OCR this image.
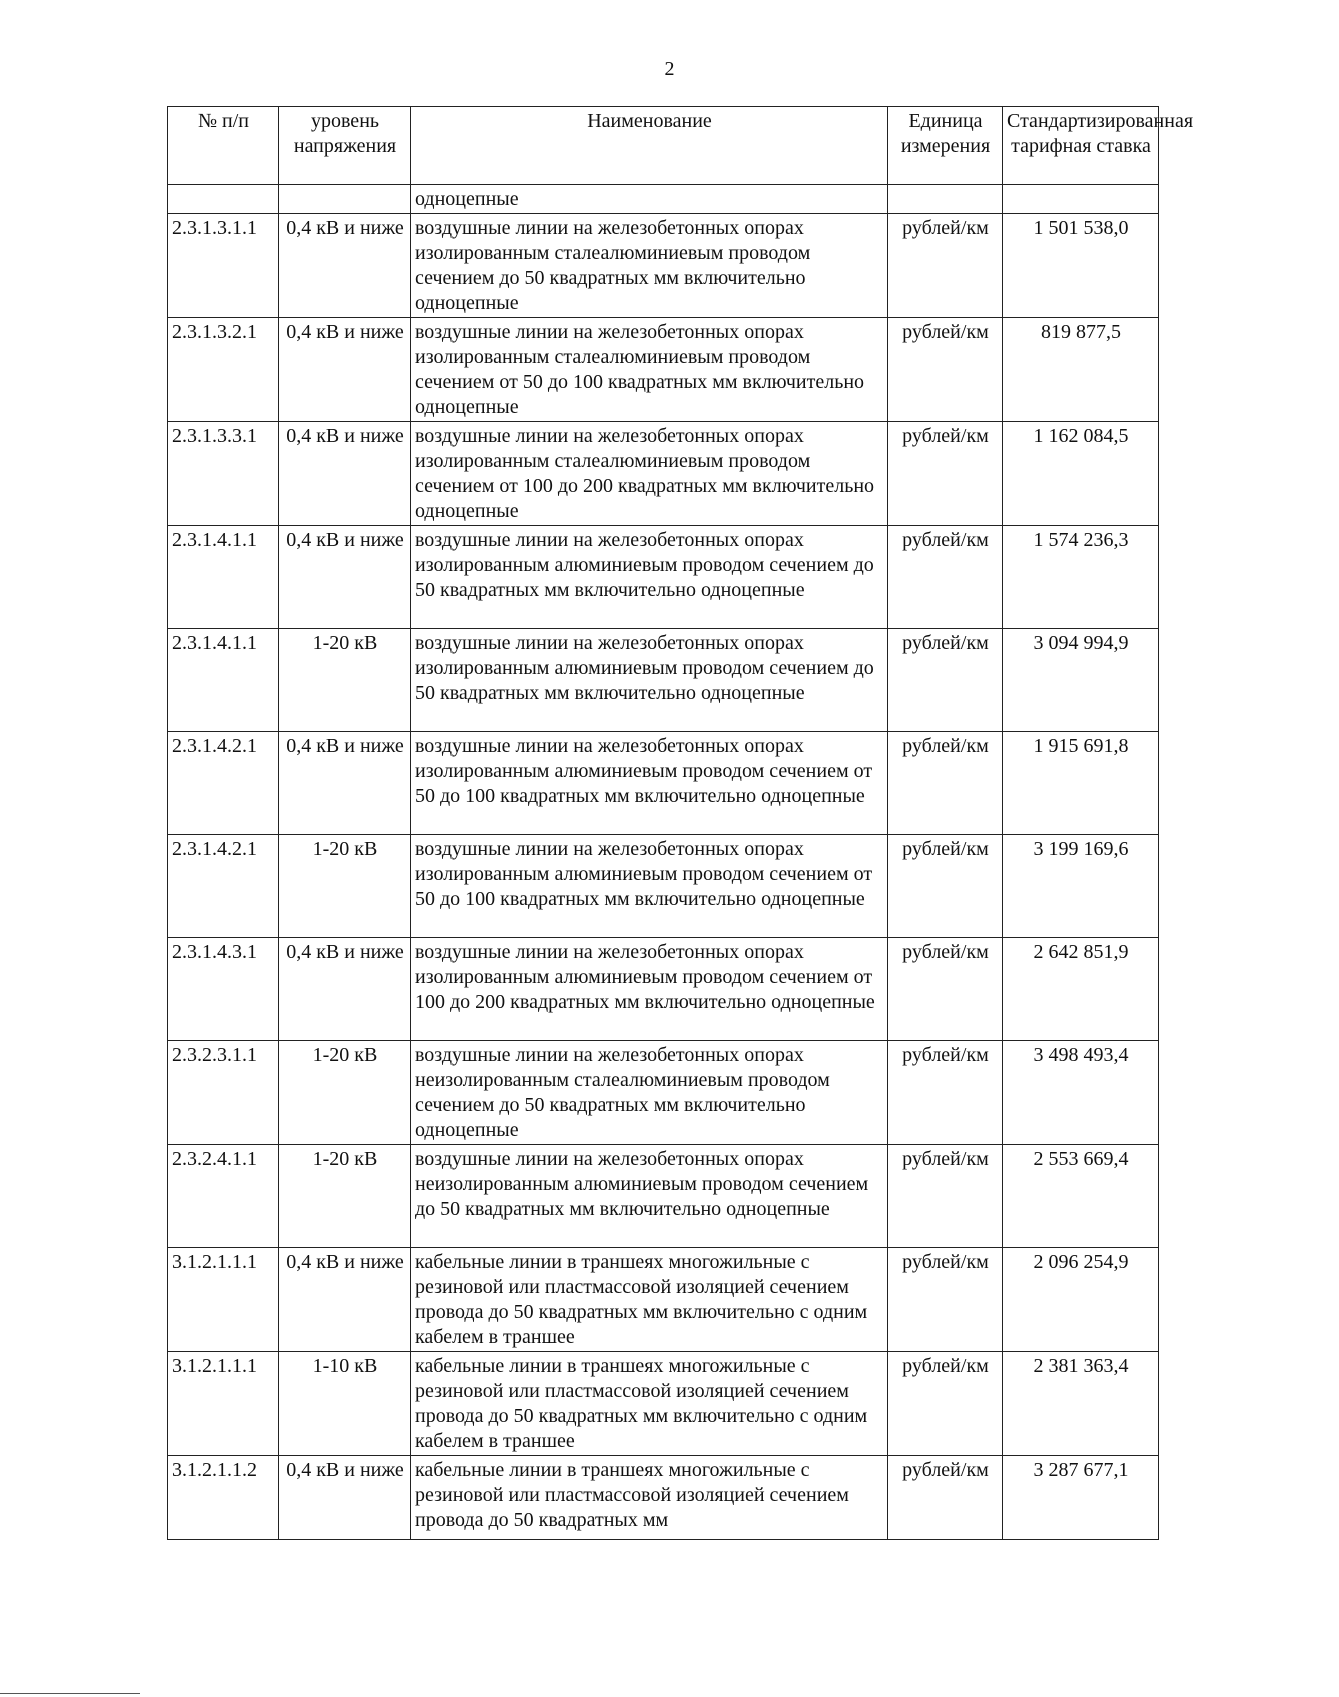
2
№ п/п	уровень напряжения	Наименование	Единица измерения	Стандартизированная тарифная ставка
		одноцепные		
2.3.1.3.1.1	0,4 кВ и ниже	воздушные линии на железобетонных опорах изолированным сталеалюминиевым проводом сечением до 50 квадратных мм включительно одноцепные	рублей/км	1 501 538,0
2.3.1.3.2.1	0,4 кВ и ниже	воздушные линии на железобетонных опорах изолированным сталеалюминиевым проводом сечением от 50 до 100 квадратных мм включительно одноцепные	рублей/км	819 877,5
2.3.1.3.3.1	0,4 кВ и ниже	воздушные линии на железобетонных опорах изолированным сталеалюминиевым проводом сечением от 100 до 200 квадратных мм включительно одноцепные	рублей/км	1 162 084,5
2.3.1.4.1.1	0,4 кВ и ниже	воздушные линии на железобетонных опорах изолированным алюминиевым проводом сечением до 50 квадратных мм включительно одноцепные	рублей/км	1 574 236,3
2.3.1.4.1.1	1-20 кВ	воздушные линии на железобетонных опорах изолированным алюминиевым проводом сечением до 50 квадратных мм включительно одноцепные	рублей/км	3 094 994,9
2.3.1.4.2.1	0,4 кВ и ниже	воздушные линии на железобетонных опорах изолированным алюминиевым проводом сечением от 50 до 100 квадратных мм включительно одноцепные	рублей/км	1 915 691,8
2.3.1.4.2.1	1-20 кВ	воздушные линии на железобетонных опорах изолированным алюминиевым проводом сечением от 50 до 100 квадратных мм включительно одноцепные	рублей/км	3 199 169,6
2.3.1.4.3.1	0,4 кВ и ниже	воздушные линии на железобетонных опорах изолированным алюминиевым проводом сечением от 100 до 200 квадратных мм включительно одноцепные	рублей/км	2 642 851,9
2.3.2.3.1.1	1-20 кВ	воздушные линии на железобетонных опорах неизолированным сталеалюминиевым проводом сечением до 50 квадратных мм включительно одноцепные	рублей/км	3 498 493,4
2.3.2.4.1.1	1-20 кВ	воздушные линии на железобетонных опорах неизолированным алюминиевым проводом сечением до 50 квадратных мм включительно одноцепные	рублей/км	2 553 669,4
3.1.2.1.1.1	0,4 кВ и ниже	кабельные линии в траншеях многожильные с резиновой или пластмассовой изоляцией сечением провода до 50 квадратных мм включительно с одним кабелем в траншее	рублей/км	2 096 254,9
3.1.2.1.1.1	1-10 кВ	кабельные линии в траншеях многожильные с резиновой или пластмассовой изоляцией сечением провода до 50 квадратных мм включительно с одним кабелем в траншее	рублей/км	2 381 363,4
3.1.2.1.1.2	0,4 кВ и ниже	кабельные линии в траншеях многожильные с резиновой или пластмассовой изоляцией сечением провода до 50 квадратных мм	рублей/км	3 287 677,1
